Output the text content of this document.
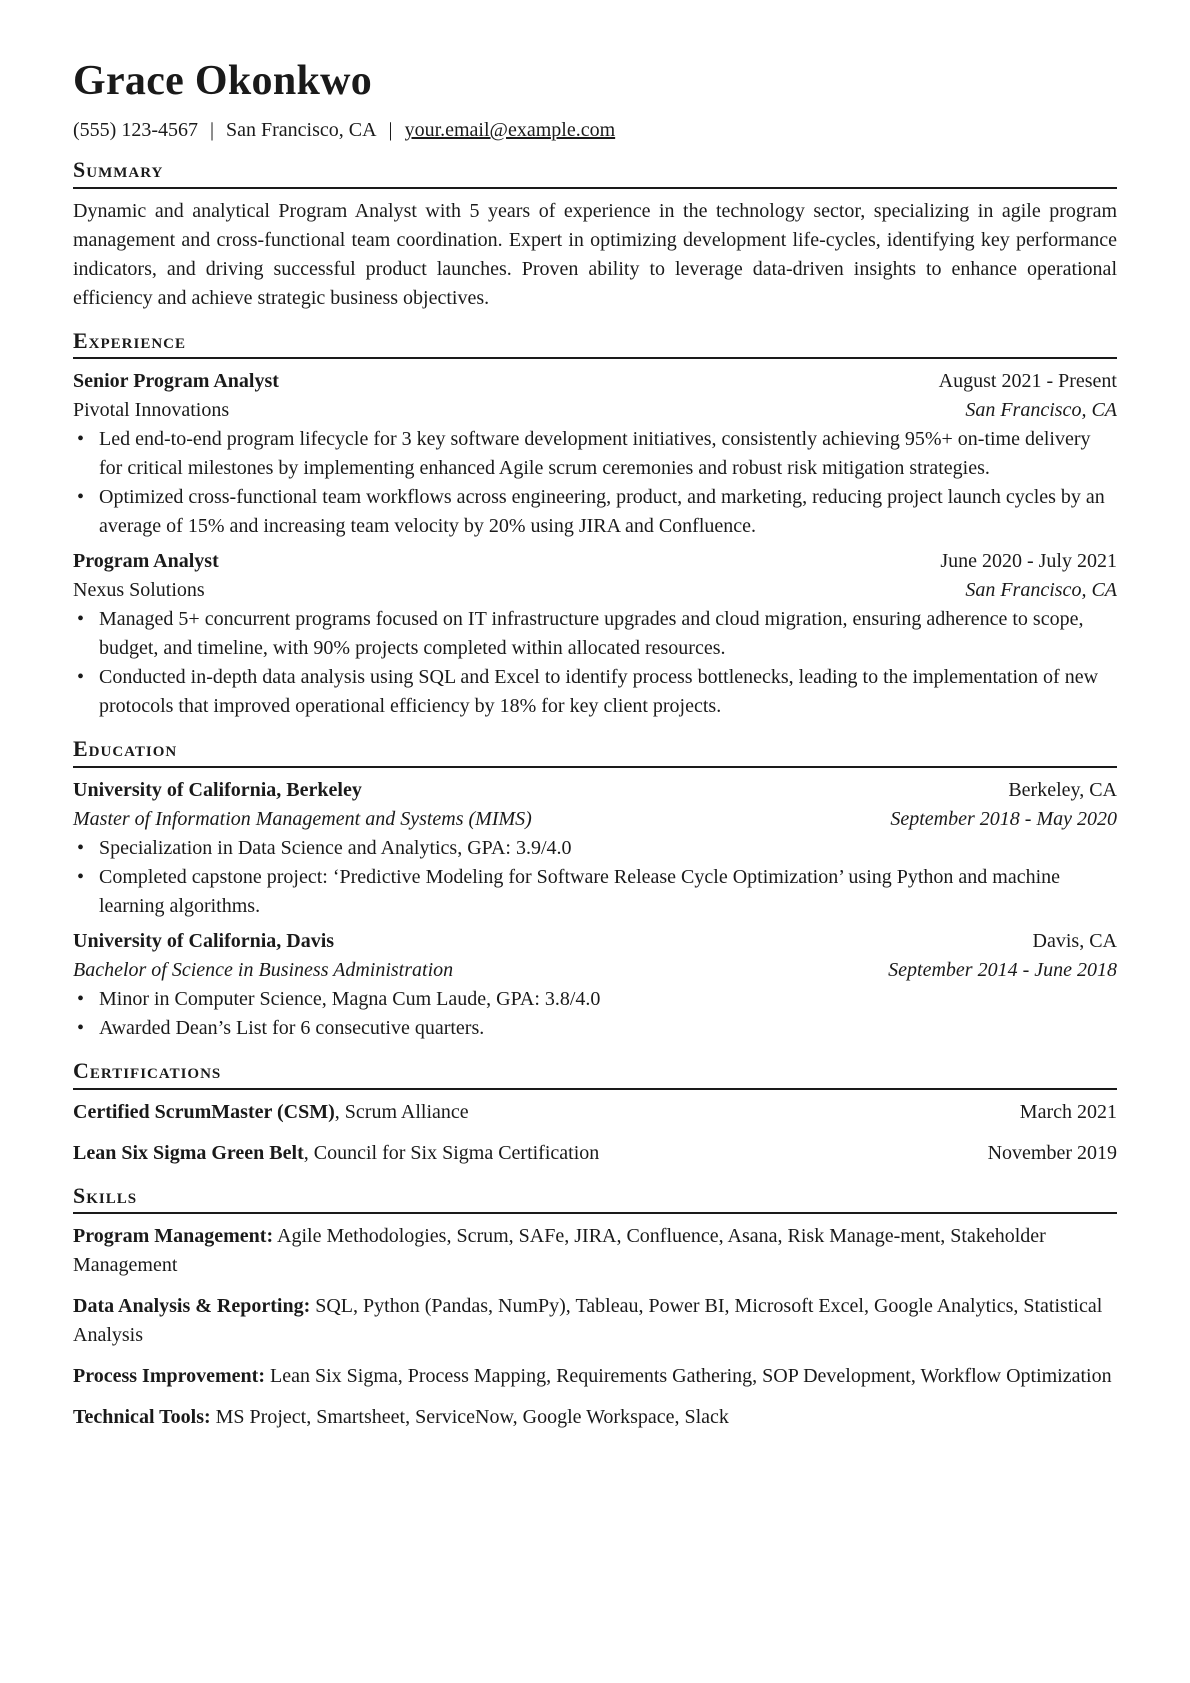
Grace Okonkwo
(555) 123-4567 | San Francisco, CA | your.email@example.com
Summary

Dynamic and analytical Program Analyst with 5 years of experience in the technology sector, specializing in agile program management and cross-functional team coordination. Expert in optimizing development life-cycles, identifying key performance indicators, and driving successful product launches. Proven ability to leverage data-driven insights to enhance operational efficiency and achieve strategic business objectives.

Experience
Senior Program Analyst	August 2021 - Present
Pivotal Innovations	San Francisco, CA
• Led end-to-end program lifecycle for 3 key software development initiatives, consistently achieving 95%+ on-time delivery for critical milestones by implementing enhanced Agile scrum ceremonies and robust risk mitigation strategies.
• Optimized cross-functional team workflows across engineering, product, and marketing, reducing project launch cycles by an average of 15% and increasing team velocity by 20% using JIRA and Confluence.
Program Analyst	June 2020 - July 2021
Nexus Solutions	San Francisco, CA
• Managed 5+ concurrent programs focused on IT infrastructure upgrades and cloud migration, ensuring adherence to scope, budget, and timeline, with 90% projects completed within allocated resources.
• Conducted in-depth data analysis using SQL and Excel to identify process bottlenecks, leading to the implementation of new protocols that improved operational efficiency by 18% for key client projects.
Education
University of California, Berkeley	Berkeley, CA
Master of Information Management and Systems (MIMS)	September 2018 - May 2020
• Specialization in Data Science and Analytics, GPA: 3.9/4.0
• Completed capstone project: ‘Predictive Modeling for Software Release Cycle Optimization’ using Python and machine learning algorithms.
University of California, Davis	Davis, CA
Bachelor of Science in Business Administration	September 2014 - June 2018
• Minor in Computer Science, Magna Cum Laude, GPA: 3.8/4.0
• Awarded Dean’s List for 6 consecutive quarters.
Certifications
Certified ScrumMaster (CSM), Scrum Alliance	March 2021
Lean Six Sigma Green Belt, Council for Six Sigma Certification	November 2019
Skills
Program Management: Agile Methodologies, Scrum, SAFe, JIRA, Confluence, Asana, Risk Manage-ment, Stakeholder Management
Data Analysis & Reporting: SQL, Python (Pandas, NumPy), Tableau, Power BI, Microsoft Excel, Google Analytics, Statistical Analysis
Process Improvement: Lean Six Sigma, Process Mapping, Requirements Gathering, SOP Development, Workflow Optimization
Technical Tools: MS Project, Smartsheet, ServiceNow, Google Workspace, Slack
